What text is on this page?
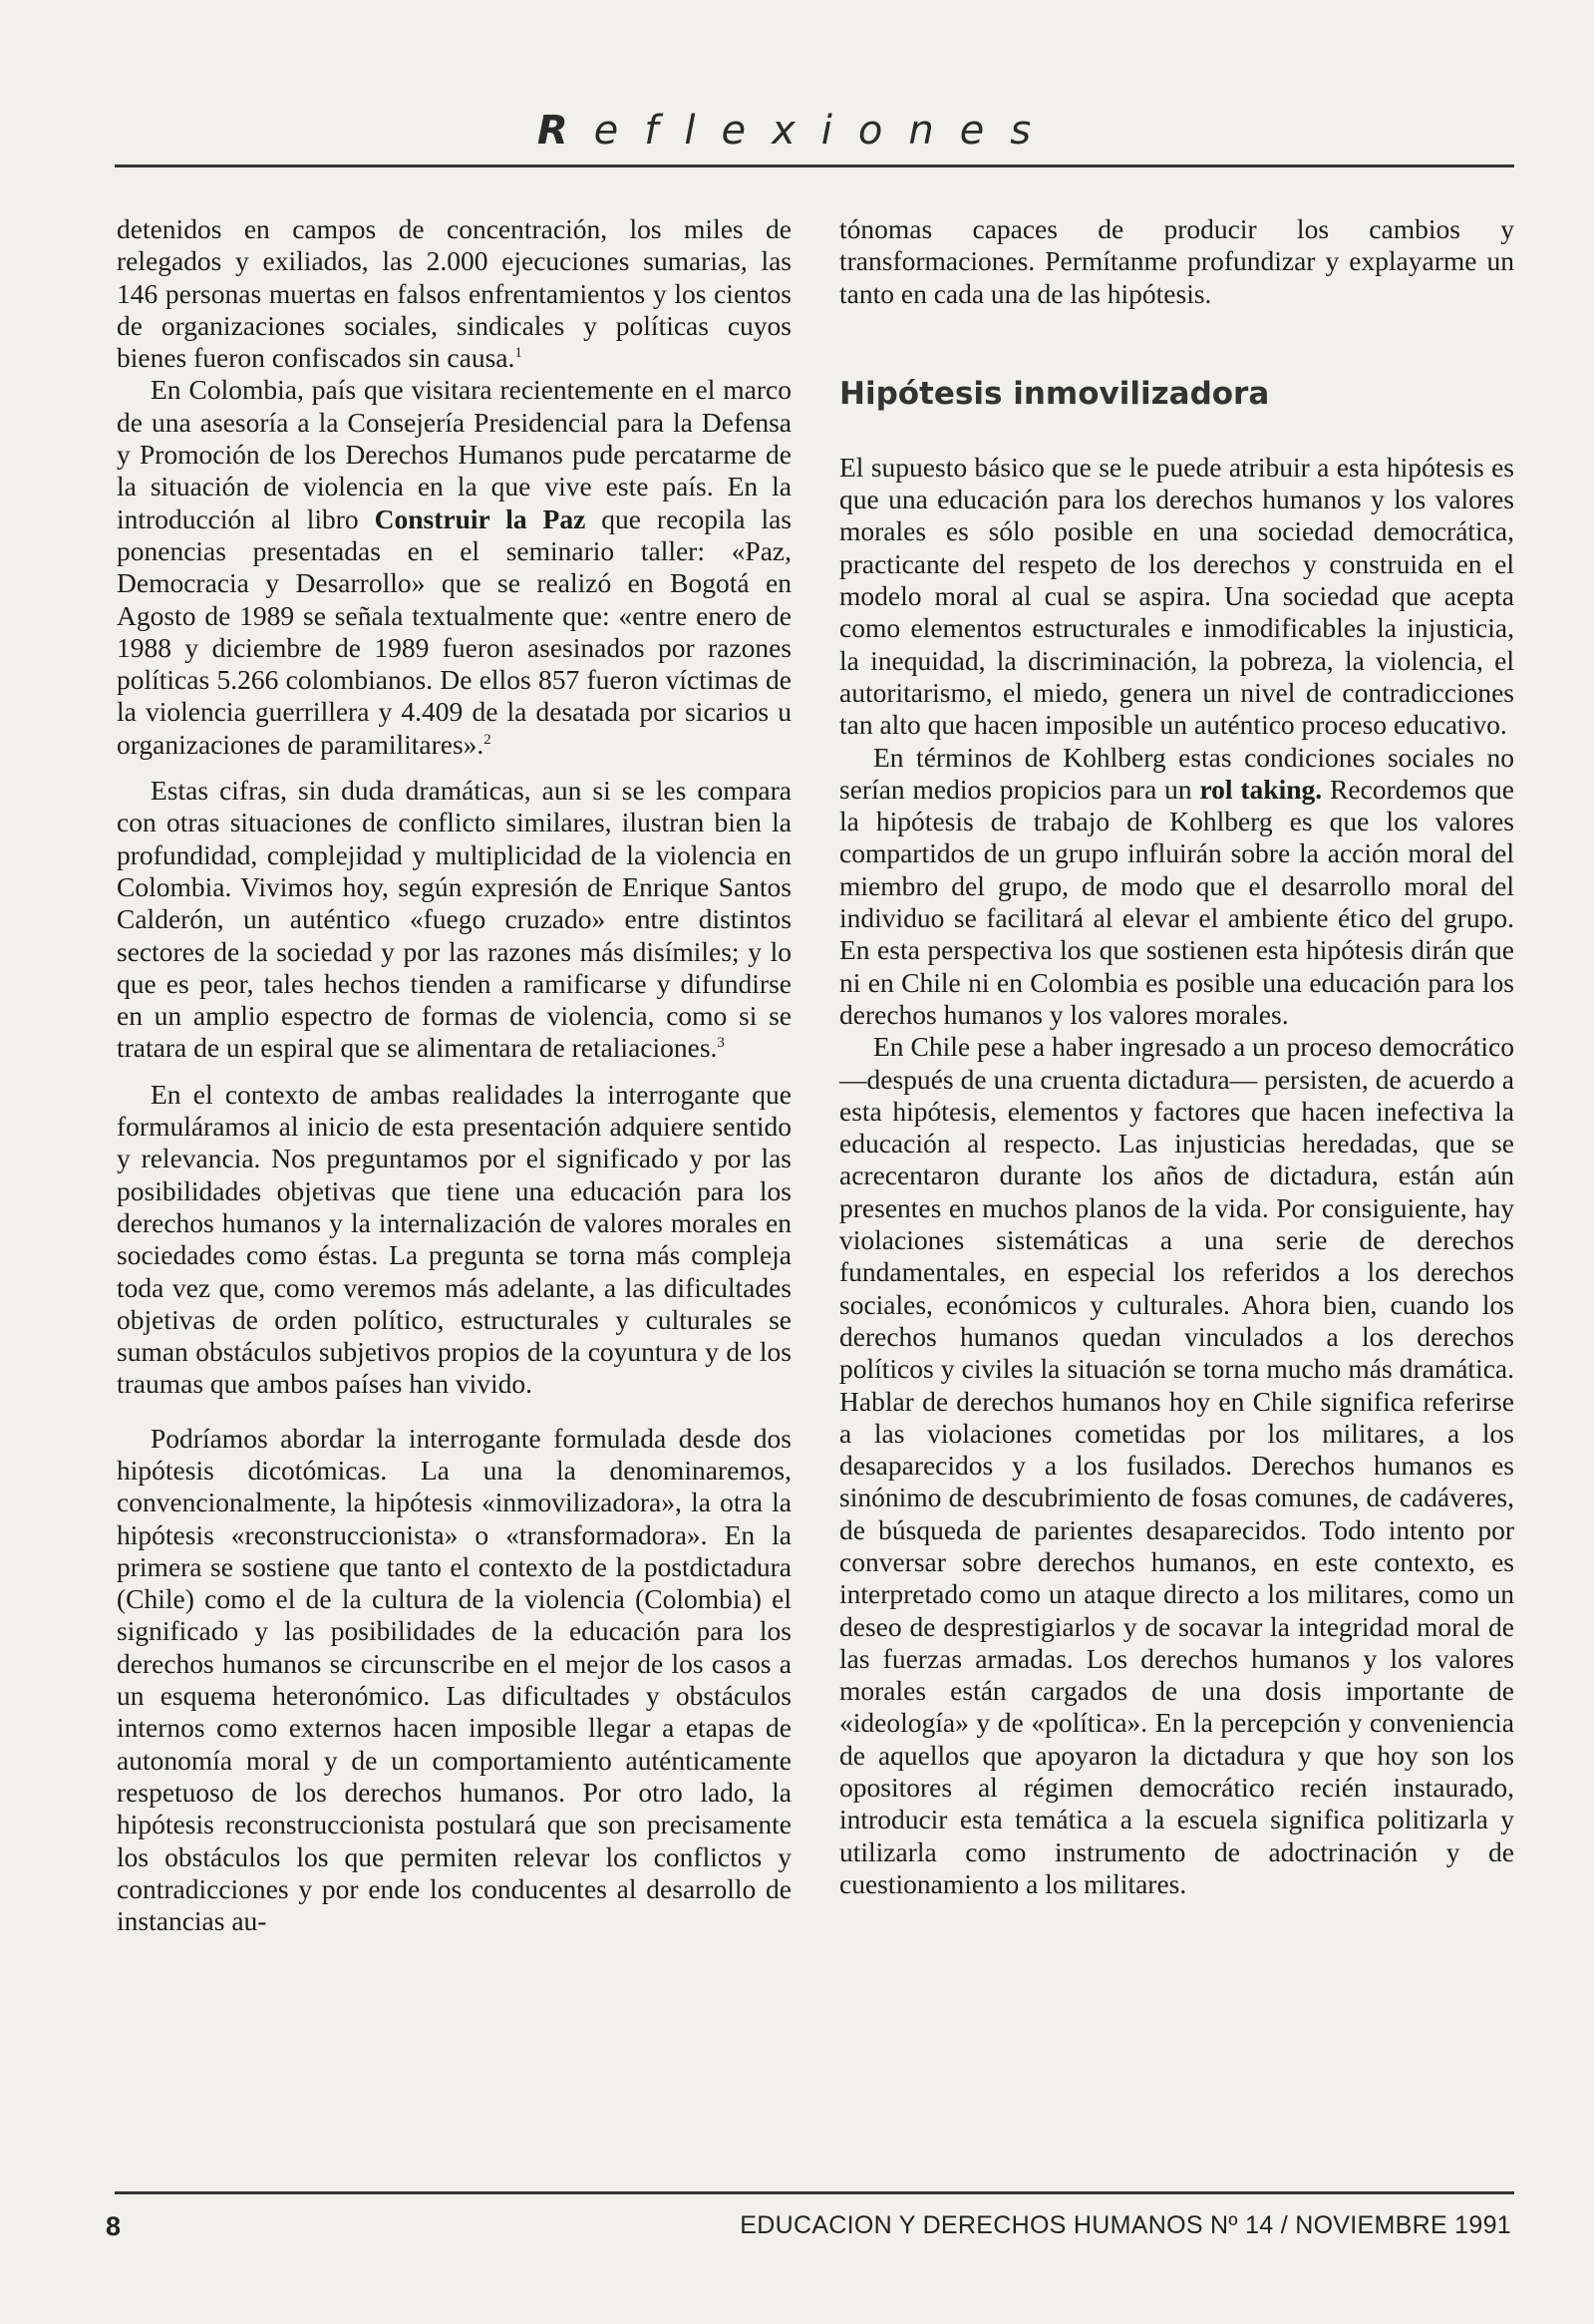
Reflexiones

detenidos en campos de concentración, los miles de relegados y exiliados, las 2.000 ejecuciones sumarias, las 146 personas muertas en falsos enfrentamientos y los cientos de organizaciones sociales, sindicales y políticas cuyos bienes fueron confiscados sin causa.$^1$

En Colombia, país que visitara recientemente en el marco de una asesoría a la Consejería Presidencial para la Defensa y Promoción de los Derechos Humanos pude percatarme de la situación de violencia en la que vive este país. En la introducción al libro Construir la Paz que recopila las ponencias presentadas en el seminario taller: «Paz, Democracia y Desarrollo» que se realizó en Bogotá en Agosto de 1989 se señala textualmente que: «entre enero de 1988 y diciembre de 1989 fueron asesinados por razones políticas 5.266 colombianos. De ellos 857 fueron víctimas de la violencia guerrillera y 4.409 de la desatada por sicarios u organizaciones de paramilitares».$^2$

Estas cifras, sin duda dramáticas, aun si se les compara con otras situaciones de conflicto similares, ilustran bien la profundidad, complejidad y multiplicidad de la violencia en Colombia. Vivimos hoy, según expresión de Enrique Santos Calderón, un auténtico «fuego cruzado» entre distintos sectores de la sociedad y por las razones más disímiles; y lo que es peor, tales hechos tienden a ramificarse y difundirse en un amplio espectro de formas de violencia, como si se tratara de un espiral que se alimentara de retaliaciones.$^3$

En el contexto de ambas realidades la interrogante que formuláramos al inicio de esta presentación adquiere sentido y relevancia. Nos preguntamos por el significado y por las posibilidades objetivas que tiene una educación para los derechos humanos y la internalización de valores morales en sociedades como éstas. La pregunta se torna más compleja toda vez que, como veremos más adelante, a las dificultades objetivas de orden político, estructurales y culturales se suman obstáculos subjetivos propios de la coyuntura y de los traumas que ambos países han vivido.

Podríamos abordar la interrogante formulada desde dos hipótesis dicotómicas. La una la denominaremos, convencionalmente, la hipótesis «inmovilizadora», la otra la hipótesis «reconstruccionista» o «transformadora». En la primera se sostiene que tanto el contexto de la postdictadura (Chile) como el de la cultura de la violencia (Colombia) el significado y las posibilidades de la educación para los derechos humanos se circunscribe en el mejor de los casos a un esquema heteronómico. Las dificultades y obstáculos internos como externos hacen imposible llegar a etapas de autonomía moral y de un comportamiento auténticamente respetuoso de los derechos humanos. Por otro lado, la hipótesis reconstruccionista postulará que son precisamente los obstáculos los que permiten relevar los conflictos y contradicciones y por ende los conducentes al desarrollo de instancias au-

tónomas capaces de producir los cambios y transformaciones. Permítanme profundizar y explayarme un tanto en cada una de las hipótesis.

Hipótesis inmovilizadora

El supuesto básico que se le puede atribuir a esta hipótesis es que una educación para los derechos humanos y los valores morales es sólo posible en una sociedad democrática, practicante del respeto de los derechos y construida en el modelo moral al cual se aspira. Una sociedad que acepta como elementos estructurales e inmodificables la injusticia, la inequidad, la discriminación, la pobreza, la violencia, el autoritarismo, el miedo, genera un nivel de contradicciones tan alto que hacen imposible un auténtico proceso educativo.

En términos de Kohlberg estas condiciones sociales no serían medios propicios para un rol taking. Recordemos que la hipótesis de trabajo de Kohlberg es que los valores compartidos de un grupo influirán sobre la acción moral del miembro del grupo, de modo que el desarrollo moral del individuo se facilitará al elevar el ambiente ético del grupo. En esta perspectiva los que sostienen esta hipótesis dirán que ni en Chile ni en Colombia es posible una educación para los derechos humanos y los valores morales.

En Chile pese a haber ingresado a un proceso democrático —después de una cruenta dictadura— persisten, de acuerdo a esta hipótesis, elementos y factores que hacen inefectiva la educación al respecto. Las injusticias heredadas, que se acrecentaron durante los años de dictadura, están aún presentes en muchos planos de la vida. Por consiguiente, hay violaciones sistemáticas a una serie de derechos fundamentales, en especial los referidos a los derechos sociales, económicos y culturales. Ahora bien, cuando los derechos humanos quedan vinculados a los derechos políticos y civiles la situación se torna mucho más dramática. Hablar de derechos humanos hoy en Chile significa referirse a las violaciones cometidas por los militares, a los desaparecidos y a los fusilados. Derechos humanos es sinónimo de descubrimiento de fosas comunes, de cadáveres, de búsqueda de parientes desaparecidos. Todo intento por conversar sobre derechos humanos, en este contexto, es interpretado como un ataque directo a los militares, como un deseo de desprestigiarlos y de socavar la integridad moral de las fuerzas armadas. Los derechos humanos y los valores morales están cargados de una dosis importante de «ideología» y de «política». En la percepción y conveniencia de aquellos que apoyaron la dictadura y que hoy son los opositores al régimen democrático recién instaurado, introducir esta temática a la escuela significa politizarla y utilizarla como instrumento de adoctrinación y de cuestionamiento a los militares.

8	EDUCACION Y DERECHOS HUMANOS Nº 14 / NOVIEMBRE 1991
